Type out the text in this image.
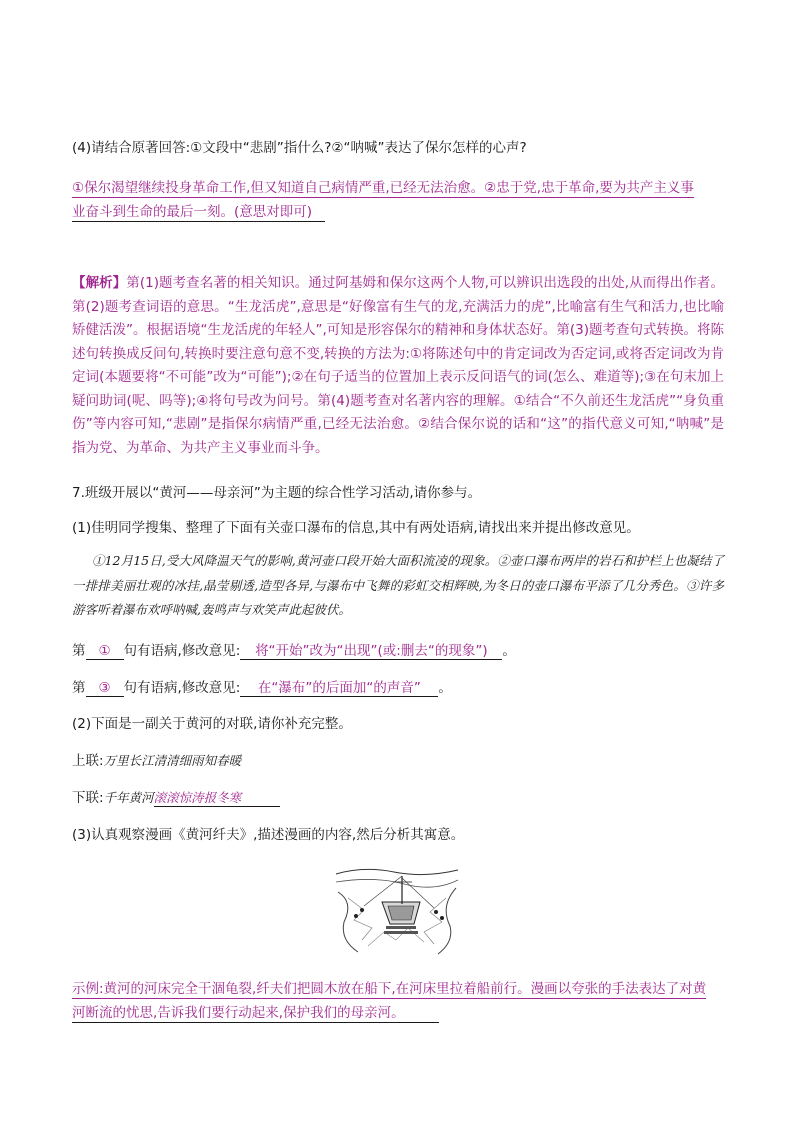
(4)请结合原著回答:①文段中“悲剧”指什么?②“呐喊”表达了保尔怎样的心声?
①保尔渴望继续投身革命工作,但又知道自己病情严重,已经无法治愈。②忠于党,忠于革命,要为共产主义事
业奋斗到生命的最后一刻。(意思对即可)
【解析】第(1)题考查名著的相关知识。通过阿基姆和保尔这两个人物,可以辨识出选段的出处,从而得出作者。第(2)题考查词语的意思。“生龙活虎”,意思是“好像富有生气的龙,充满活力的虎”,比喻富有生气和活力,也比喻矫健活泼”。根据语境“生龙活虎的年轻人”,可知是形容保尔的精神和身体状态好。第(3)题考查句式转换。将陈述句转换成反问句,转换时要注意句意不变,转换的方法为:①将陈述句中的肯定词改为否定词,或将否定词改为肯定词(本题要将“不可能”改为“可能”);②在句子适当的位置加上表示反问语气的词(怎么、难道等);③在句末加上疑问助词(呢、吗等);④将句号改为问号。第(4)题考查对名著内容的理解。①结合“不久前还生龙活虎”“身负重伤”等内容可知,“悲剧”是指保尔病情严重,已经无法治愈。②结合保尔说的话和“这”的指代意义可知,“呐喊”是指为党、为革命、为共产主义事业而斗争。
7.班级开展以“黄河——母亲河”为主题的综合性学习活动,请你参与。
(1)佳明同学搜集、整理了下面有关壶口瀑布的信息,其中有两处语病,请找出来并提出修改意见。
①12月15日,受大风降温天气的影响,黄河壶口段开始大面积流凌的现象。②壶口瀑布两岸的岩石和护栏上也凝结了一排排美丽壮观的冰挂,晶莹剔透,造型各异,与瀑布中飞舞的彩虹交相辉映,为冬日的壶口瀑布平添了几分秀色。③许多游客听着瀑布欢呼呐喊,轰鸣声与欢笑声此起彼伏。
第 ① 句有语病,修改意见: 将“开始”改为“出现”(或:删去“的现象”) 。
第 ③ 句有语病,修改意见: 在“瀑布”的后面加“的声音” 。
(2)下面是一副关于黄河的对联,请你补充完整。
上联:万里长江清清细雨知春暖
下联:千年黄河滚滚惊涛报冬寒
(3)认真观察漫画《黄河纤夫》,描述漫画的内容,然后分析其寓意。
示例:黄河的河床完全干涸龟裂,纤夫们把圆木放在船下,在河床里拉着船前行。漫画以夸张的手法表达了对黄
河断流的忧思,告诉我们要行动起来,保护我们的母亲河。
